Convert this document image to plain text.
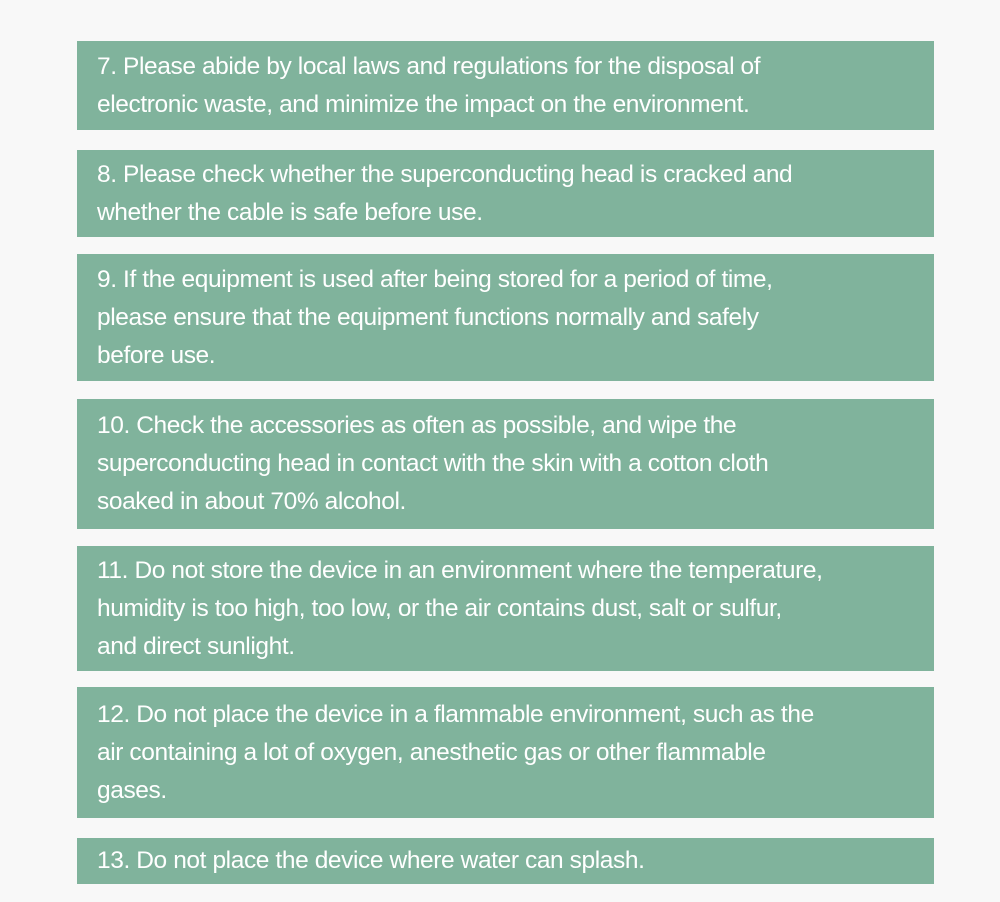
7. Please abide by local laws and regulations for the disposal of
electronic waste, and minimize the impact on the environment.

8. Please check whether the superconducting head is cracked and
whether the cable is safe before use.

9. If the equipment is used after being stored for a period of time,
please ensure that the equipment functions normally and safely
before use.

10. Check the accessories as often as possible, and wipe the
superconducting head in contact with the skin with a cotton cloth
soaked in about 70% alcohol.

11. Do not store the device in an environment where the temperature,
humidity is too high, too low, or the air contains dust, salt or sulfur,
and direct sunlight.

12. Do not place the device in a flammable environment, such as the
air containing a lot of oxygen, anesthetic gas or other flammable
gases.

13. Do not place the device where water can splash.
